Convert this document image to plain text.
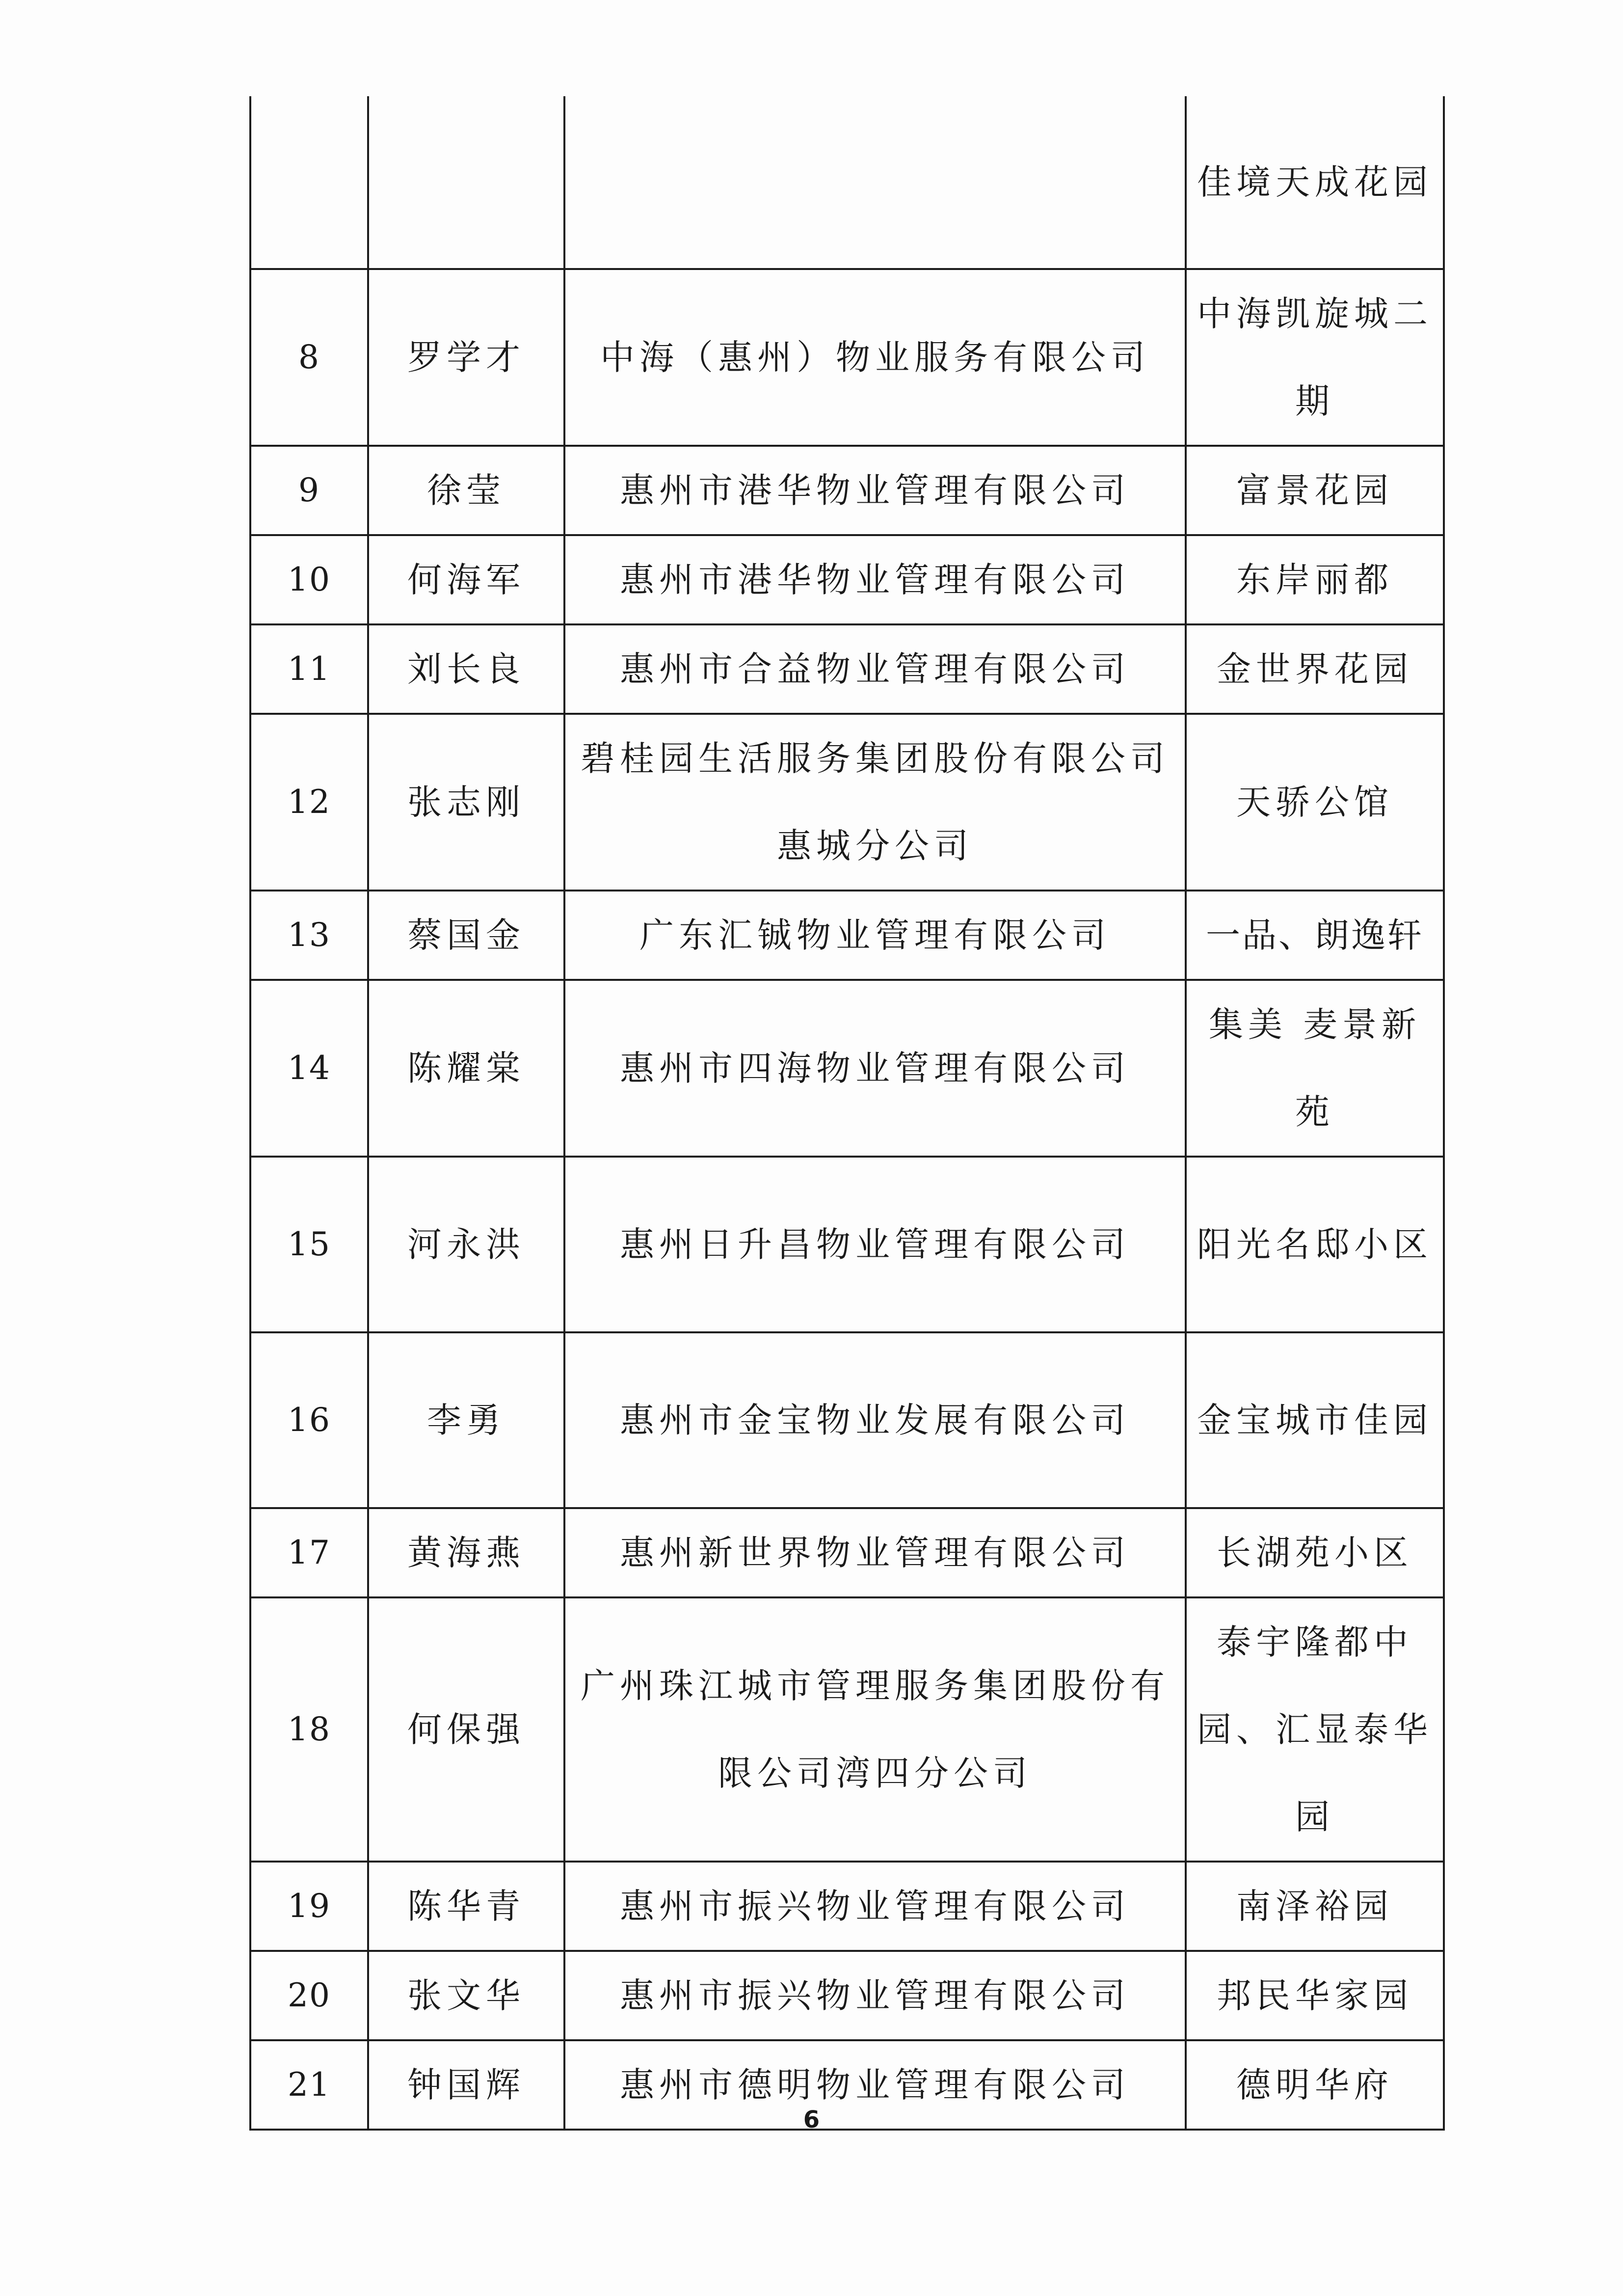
			佳境天成花园
8	罗学才	中海（惠州）物业服务有限公司	中海凯旋城二期
9	徐莹	惠州市港华物业管理有限公司	富景花园
10	何海军	惠州市港华物业管理有限公司	东岸丽都
11	刘长良	惠州市合益物业管理有限公司	金世界花园
12	张志刚	碧桂园生活服务集团股份有限公司惠城分公司	天骄公馆
13	蔡国金	广东汇铖物业管理有限公司	一品、朗逸轩
14	陈耀棠	惠州市四海物业管理有限公司	集美 麦景新苑
15	河永洪	惠州日升昌物业管理有限公司	阳光名邸小区
16	李勇	惠州市金宝物业发展有限公司	金宝城市佳园
17	黄海燕	惠州新世界物业管理有限公司	长湖苑小区
18	何保强	广州珠江城市管理服务集团股份有限公司湾四分公司	泰宇隆都中园、汇显泰华园
19	陈华青	惠州市振兴物业管理有限公司	南泽裕园
20	张文华	惠州市振兴物业管理有限公司	邦民华家园
21	钟国辉	惠州市德明物业管理有限公司	德明华府
6
